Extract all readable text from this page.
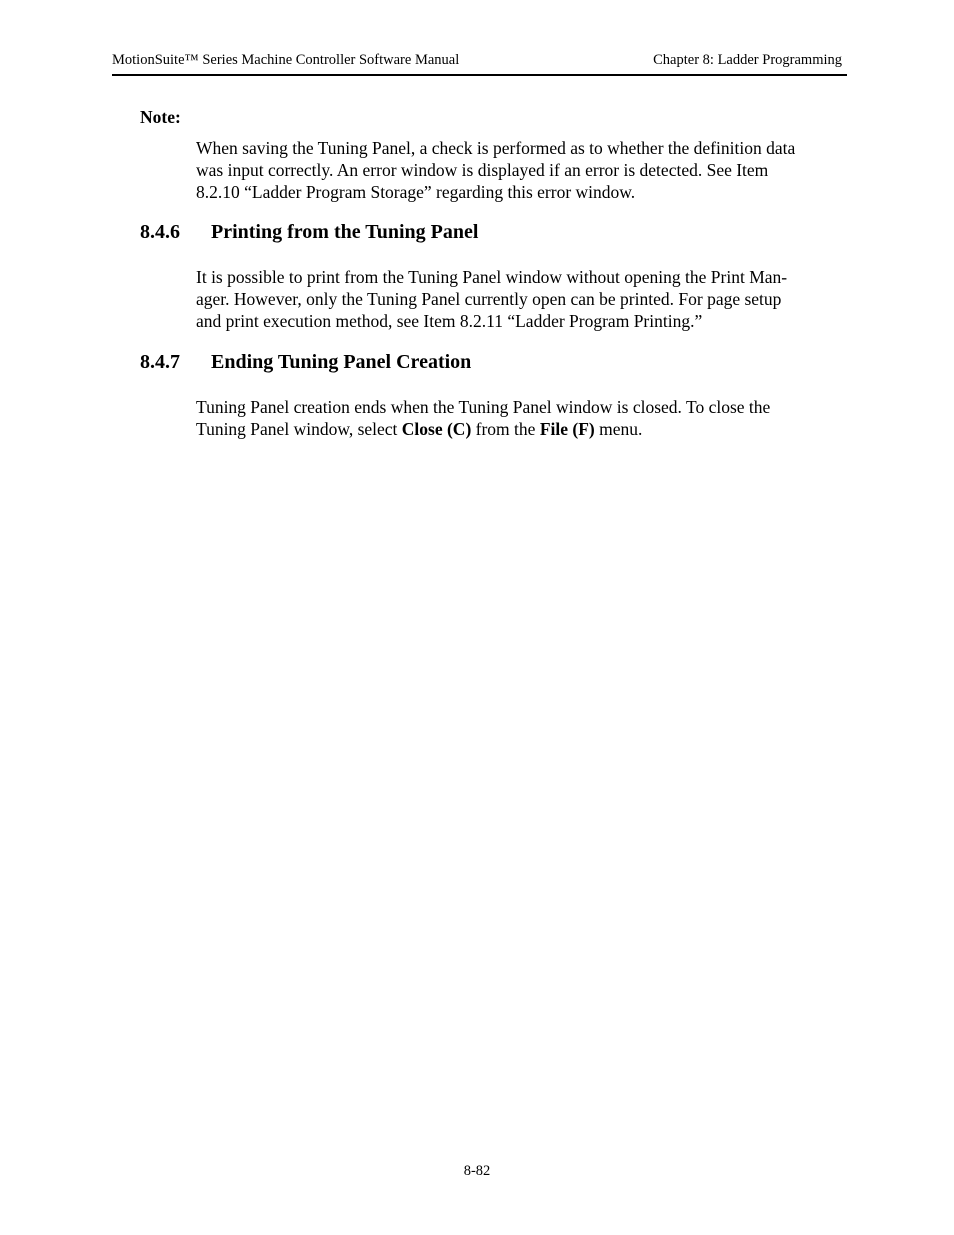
MotionSuite™ Series Machine Controller Software Manual	Chapter 8: Ladder Programming
Note:
When saving the Tuning Panel, a check is performed as to whether the definition data
was input correctly. An error window is displayed if an error is detected. See Item
8.2.10 “Ladder Program Storage” regarding this error window.
8.4.6 Printing from the Tuning Panel
It is possible to print from the Tuning Panel window without opening the Print Man-
ager. However, only the Tuning Panel currently open can be printed. For page setup
and print execution method, see Item 8.2.11 “Ladder Program Printing.”
8.4.7 Ending Tuning Panel Creation
Tuning Panel creation ends when the Tuning Panel window is closed. To close the
Tuning Panel window, select Close (C) from the File (F) menu.
8-82
